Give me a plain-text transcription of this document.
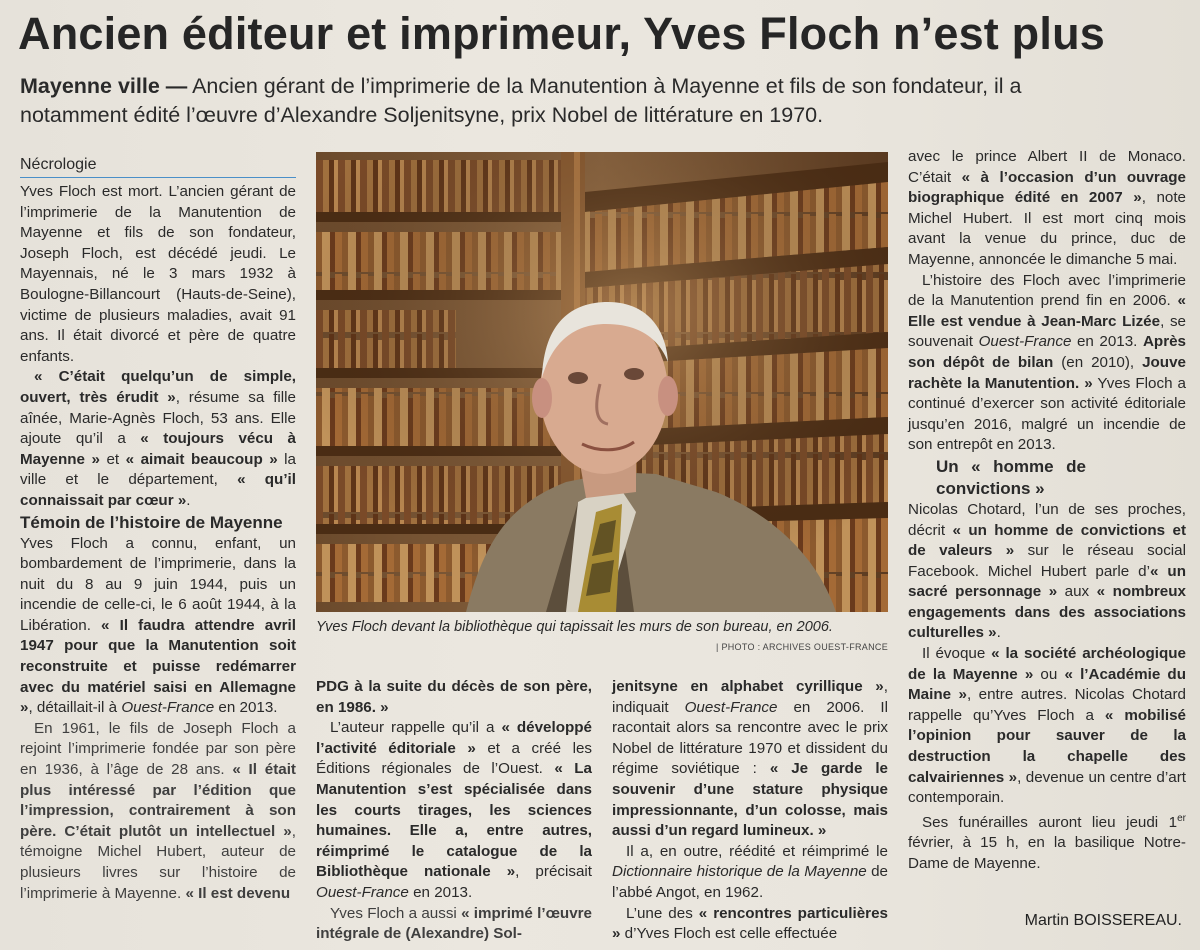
Ancien éditeur et imprimeur, Yves Floch n’est plus
Mayenne ville — Ancien gérant de l’imprimerie de la Manutention à Mayenne et fils de son fondateur, il a notamment édité l’œuvre d’Alexandre Soljenitsyne, prix Nobel de littérature en 1970.
Nécrologie

Yves Floch est mort. L’ancien gérant de l’imprimerie de la Manutention de Mayenne et fils de son fondateur, Joseph Floch, est décédé jeudi. Le Mayennais, né le 3 mars 1932 à Boulogne-Billancourt (Hauts-de-Seine), victime de plusieurs maladies, avait 91 ans. Il était divorcé et père de quatre enfants.

« C’était quelqu’un de simple, ouvert, très érudit », résume sa fille aînée, Marie-Agnès Floch, 53 ans. Elle ajoute qu’il a « toujours vécu à Mayenne » et « aimait beaucoup » la ville et le département, « qu’il connaissait par cœur ».

Témoin de l’histoire de Mayenne

Yves Floch a connu, enfant, un bombardement de l’imprimerie, dans la nuit du 8 au 9 juin 1944, puis un incendie de celle-ci, le 6 août 1944, à la Libération. « Il faudra attendre avril 1947 pour que la Manutention soit reconstruite et puisse redémarrer avec du matériel saisi en Allemagne », détaillait-il à Ouest-France en 2013.

En 1961, le fils de Joseph Floch a rejoint l’imprimerie fondée par son père en 1936, à l’âge de 28 ans. « Il était plus intéressé par l’édition que l’impression, contrairement à son père. C’était plutôt un intellectuel », témoigne Michel Hubert, auteur de plusieurs livres sur l’histoire de l’imprimerie à Mayenne. « Il est devenu

Yves Floch devant la bibliothèque qui tapissait les murs de son bureau, en 2006.
| PHOTO : ARCHIVES OUEST-FRANCE

PDG à la suite du décès de son père, en 1986. »

L’auteur rappelle qu’il a « développé l’activité éditoriale » et a créé les Éditions régionales de l’Ouest. « La Manutention s’est spécialisée dans les courts tirages, les sciences humaines. Elle a, entre autres, réimprimé le catalogue de la Bibliothèque nationale », précisait Ouest-France en 2013.

Yves Floch a aussi « imprimé l’œuvre intégrale de (Alexandre) Sol-

jenitsyne en alphabet cyrillique », indiquait Ouest-France en 2006. Il racontait alors sa rencontre avec le prix Nobel de littérature 1970 et dissident du régime soviétique : « Je garde le souvenir d’une stature physique impressionnante, d’un colosse, mais aussi d’un regard lumineux. »

Il a, en outre, réédité et réimprimé le Dictionnaire historique de la Mayenne de l’abbé Angot, en 1962.

L’une des « rencontres particulières » d’Yves Floch est celle effectuée

avec le prince Albert II de Monaco. C’était « à l’occasion d’un ouvrage biographique édité en 2007 », note Michel Hubert. Il est mort cinq mois avant la venue du prince, duc de Mayenne, annoncée le dimanche 5 mai.

L’histoire des Floch avec l’imprimerie de la Manutention prend fin en 2006. « Elle est vendue à Jean-Marc Lizée, se souvenait Ouest-France en 2013. Après son dépôt de bilan (en 2010), Jouve rachète la Manutention. » Yves Floch a continué d’exercer son activité éditoriale jusqu’en 2016, malgré un incendie de son entrepôt en 2013.

Un « homme de convictions »

Nicolas Chotard, l’un de ses proches, décrit « un homme de convictions et de valeurs » sur le réseau social Facebook. Michel Hubert parle d’« un sacré personnage » aux « nombreux engagements dans des associations culturelles ».

Il évoque « la société archéologique de la Mayenne » ou « l’Académie du Maine », entre autres. Nicolas Chotard rappelle qu’Yves Floch a « mobilisé l’opinion pour sauver de la destruction la chapelle des calvairiennes », devenue un centre d’art contemporain.

Ses funérailles auront lieu jeudi 1er février, à 15 h, en la basilique Notre-Dame de Mayenne.

Martin BOISSEREAU.
